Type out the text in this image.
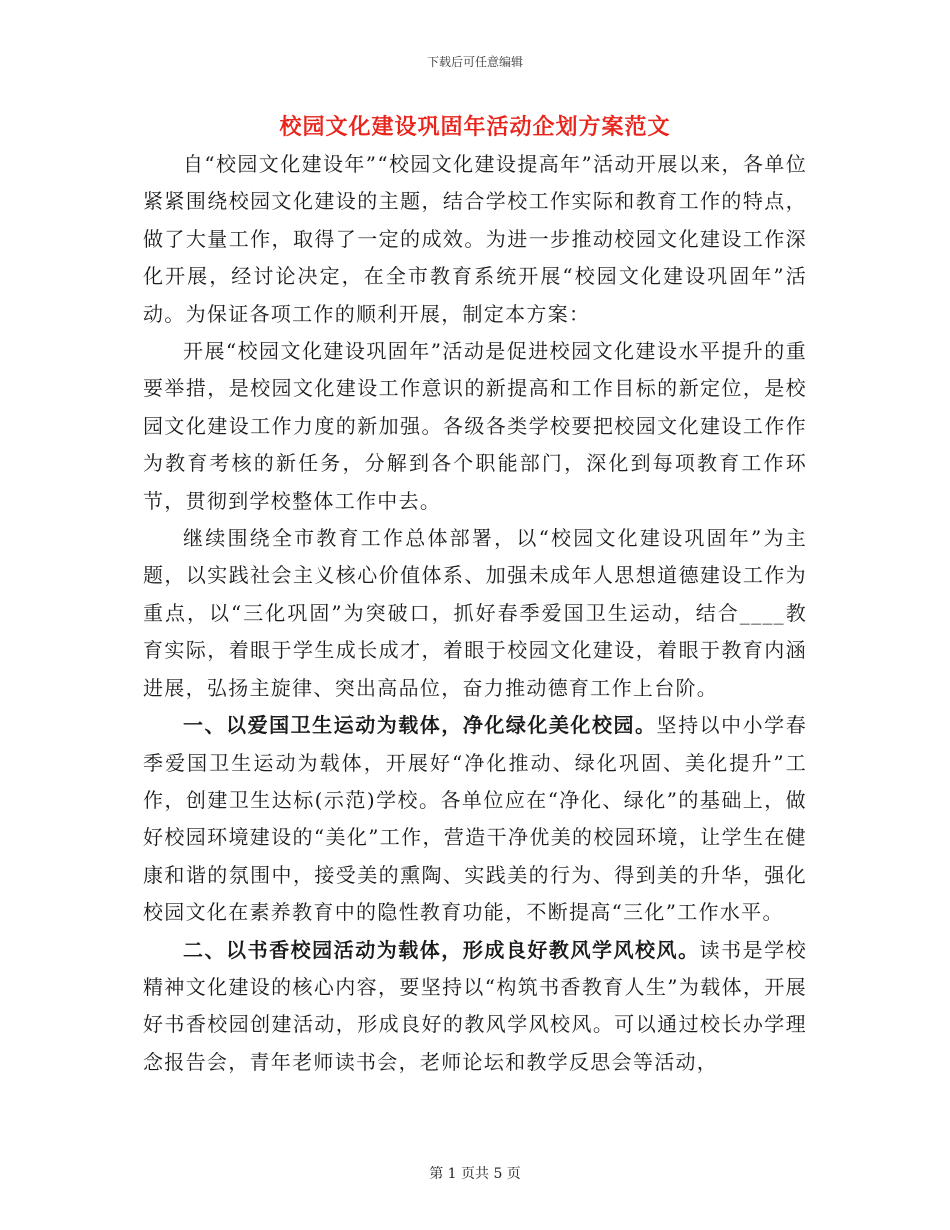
下载后可任意编辑
校园文化建设巩固年活动企划方案范文

自“校园文化建设年”“校园文化建设提高年”活动开展以来，各单位紧紧围绕校园文化建设的主题，结合学校工作实际和教育工作的特点，做了大量工作，取得了一定的成效。为进一步推动校园文化建设工作深化开展，经讨论决定，在全市教育系统开展“校园文化建设巩固年”活动。为保证各项工作的顺利开展，制定本方案：

开展“校园文化建设巩固年”活动是促进校园文化建设水平提升的重要举措，是校园文化建设工作意识的新提高和工作目标的新定位，是校园文化建设工作力度的新加强。各级各类学校要把校园文化建设工作作为教育考核的新任务，分解到各个职能部门，深化到每项教育工作环节，贯彻到学校整体工作中去。

继续围绕全市教育工作总体部署，以“校园文化建设巩固年”为主题，以实践社会主义核心价值体系、加强未成年人思想道德建设工作为重点，以“三化巩固”为突破口，抓好春季爱国卫生运动，结合____教育实际，着眼于学生成长成才，着眼于校园文化建设，着眼于教育内涵进展，弘扬主旋律、突出高品位，奋力推动德育工作上台阶。

一、以爱国卫生运动为载体，净化绿化美化校园。坚持以中小学春季爱国卫生运动为载体，开展好“净化推动、绿化巩固、美化提升”工作，创建卫生达标(示范)学校。各单位应在“净化、绿化”的基础上，做好校园环境建设的“美化”工作，营造干净优美的校园环境，让学生在健康和谐的氛围中，接受美的熏陶、实践美的行为、得到美的升华，强化校园文化在素养教育中的隐性教育功能，不断提高“三化”工作水平。

二、以书香校园活动为载体，形成良好教风学风校风。读书是学校精神文化建设的核心内容，要坚持以“构筑书香教育人生”为载体，开展好书香校园创建活动，形成良好的教风学风校风。可以通过校长办学理念报告会，青年老师读书会，老师论坛和教学反思会等活动，

第 1 页共 5 页
